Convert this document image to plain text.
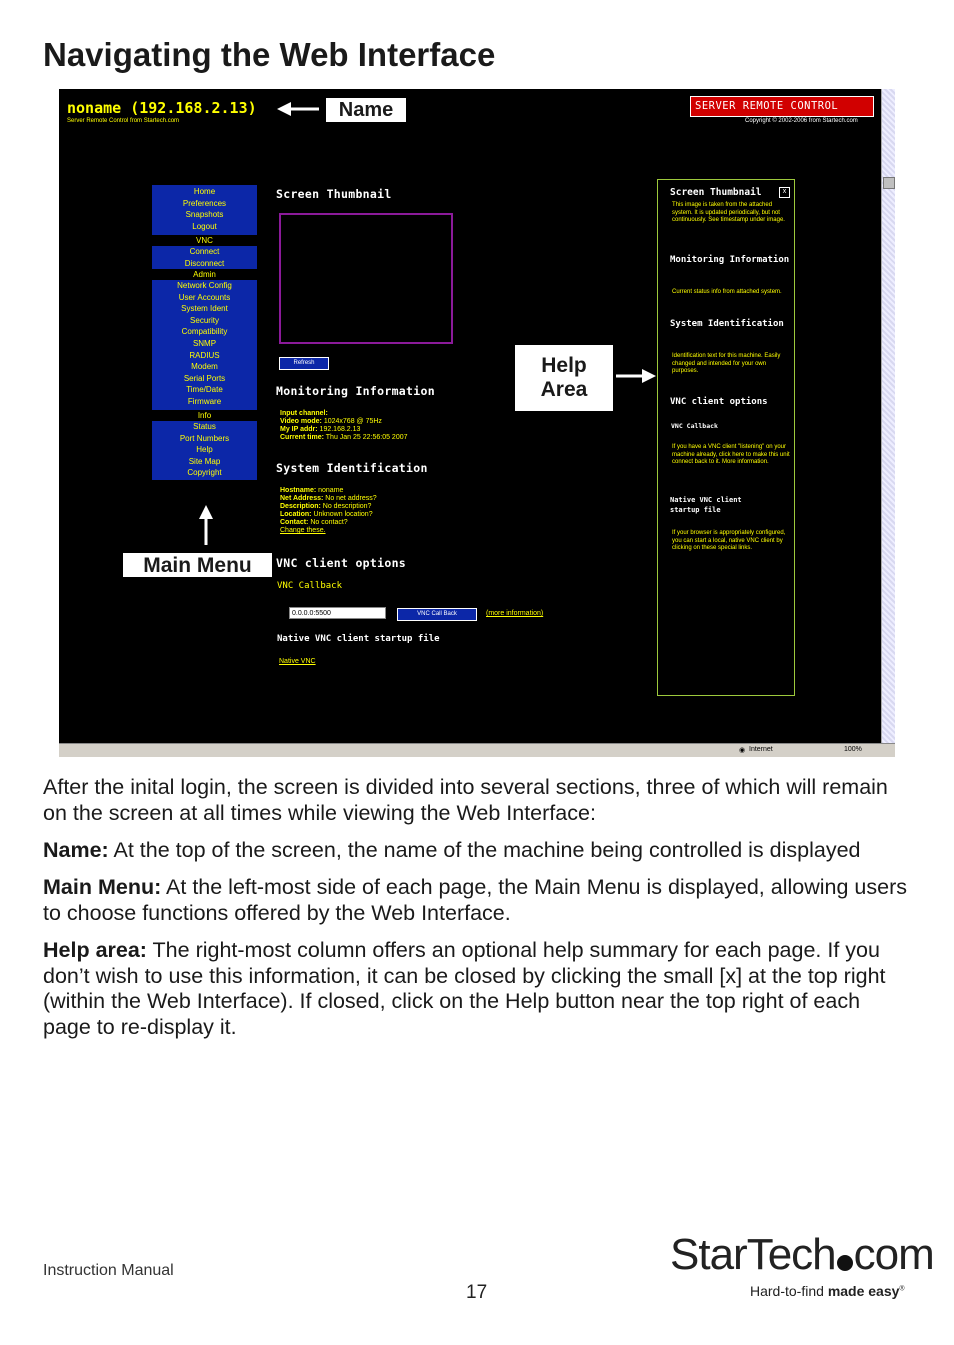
Navigating the Web Interface
noname (192.168.2.13)
Server Remote Control from Startech.com
SERVER REMOTE CONTROL
Copyright © 2002-2006 from Startech.com
Home
Preferences
Snapshots
Logout
VNC
Connect
Disconnect
Admin
Network Config
User Accounts
System Ident
Security
Compatibility
SNMP
RADIUS
Modem
Serial Ports
Time/Date
Firmware
Info
Status
Port Numbers
Help
Site Map
Copyright
Screen Thumbnail
Refresh
Monitoring Information
Input channel:
Video mode: 1024x768 @ 75Hz
My IP addr: 192.168.2.13
Current time: Thu Jan 25 22:56:05 2007
System Identification
Hostname: noname
Net Address: No net address?
Description: No description?
Location: Unknown location?
Contact: No contact?
Change these.
VNC client options
VNC Callback
0.0.0.0:5500	VNC Call Back	(more information)
Native VNC client startup file
Native VNC
Screen Thumbnail	x
This image is taken from the attached system. It is updated periodically, but not continuously. See timestamp under image.
Monitoring Information
Current status info from attached system.
System Identification
Identification text for this machine. Easily changed and intended for your own purposes.
VNC client options
VNC Callback
If you have a VNC client "listening" on your machine already, click here to make this unit connect back to it. More information.
Native VNC client startup file
If your browser is appropriately configured, you can start a local, native VNC client by clicking on these special links.
◉ Internet	100%
Name
Help
Area
Main Menu

After the inital login, the screen is divided into several sections, three of which will remain on the screen at all times while viewing the Web Interface:

Name: At the top of the screen, the name of the machine being controlled is displayed

Main Menu: At the left-most side of each page, the Main Menu is displayed, allowing users to choose functions offered by the Web Interface.

Help area: The right-most column offers an optional help summary for each page. If you don’t wish to use this information, it can be closed by clicking the small [x] at the top right (within the Web Interface). If closed, click on the Help button near the top right of each page to re-display it.

Instruction Manual
17
StarTech com
Hard-to-find made easy®
